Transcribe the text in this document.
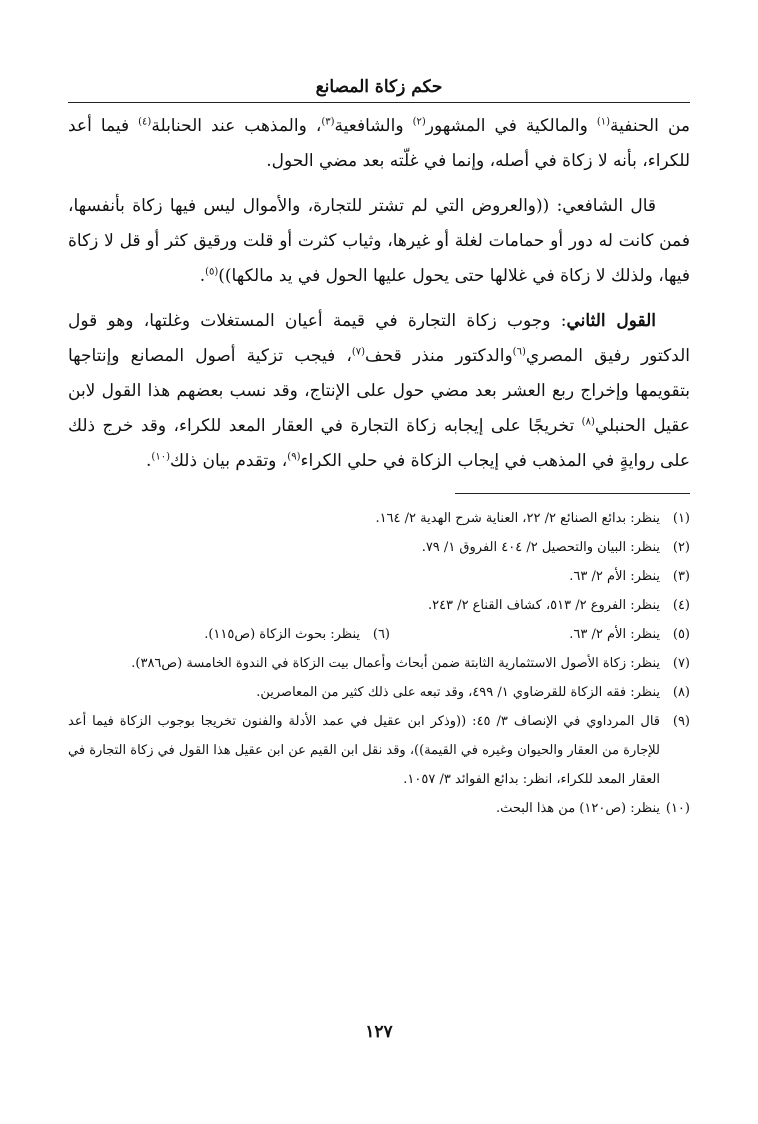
حكم زكاة المصانع

من الحنفية$^{(١)}$ والمالكية في المشهور$^{(٢)}$ والشافعية$^{(٣)}$، والمذهب عند الحنابلة$^{(٤)}$ فيما أعد للكراء، بأنه لا زكاة في أصله، وإنما في غلّته بعد مضي الحول.

قال الشافعي: ((والعروض التي لم تشتر للتجارة، والأموال ليس فيها زكاة بأنفسها، فمن كانت له دور أو حمامات لغلة أو غيرها، وثياب كثرت أو قلت ورقيق كثر أو قل لا زكاة فيها، ولذلك لا زكاة في غلالها حتى يحول عليها الحول في يد مالكها))$^{(٥)}$.

القول الثاني: وجوب زكاة التجارة في قيمة أعيان المستغلات وغلتها، وهو قول الدكتور رفيق المصري$^{(٦)}$والدكتور منذر قحف$^{(٧)}$، فيجب تزكية أصول المصانع وإنتاجها بتقويمها وإخراج ربع العشر بعد مضي حول على الإنتاج، وقد نسب بعضهم هذا القول لابن عقيل الحنبلي$^{(٨)}$ تخريجًا على إيجابه زكاة التجارة في العقار المعد للكراء، وقد خرج ذلك على روايةٍ في المذهب في إيجاب الزكاة في حلي الكراء$^{(٩)}$، وتقدم بيان ذلك$^{(١٠)}$.

(١)
ينظر: بدائع الصنائع ٢/ ٢٢، العناية شرح الهدية ٢/ ١٦٤.
(٢)
ينظر: البيان والتحصيل ٢/ ٤٠٤ الفروق ١/ ٧٩.
(٣)
ينظر: الأم ٢/ ٦٣.
(٤)
ينظر: الفروع ٢/ ٥١٣، كشاف القناع ٢/ ٢٤٣.
(٥)
ينظر: الأم ٢/ ٦٣.
(٦)
ينظر: بحوث الزكاة (ص١١٥).
(٧)
ينظر: زكاة الأصول الاستثمارية الثابتة ضمن أبحاث وأعمال بيت الزكاة في الندوة الخامسة (ص٣٨٦).
(٨)
ينظر: فقه الزكاة للقرضاوي ١/ ٤٩٩، وقد تبعه على ذلك كثير من المعاصرين.
(٩)
قال المرداوي في الإنصاف ٣/ ٤٥: ((وذكر ابن عقيل في عمد الأدلة والفنون تخريجا بوجوب الزكاة فيما أعد للإجارة من العقار والحيوان وغيره في القيمة))، وقد نقل ابن القيم عن ابن عقيل هذا القول في زكاة التجارة في العقار المعد للكراء، انظر: بدائع الفوائد ٣/ ١٠٥٧.
(١٠)
ينظر: (ص١٢٠) من هذا البحث.
١٢٧
